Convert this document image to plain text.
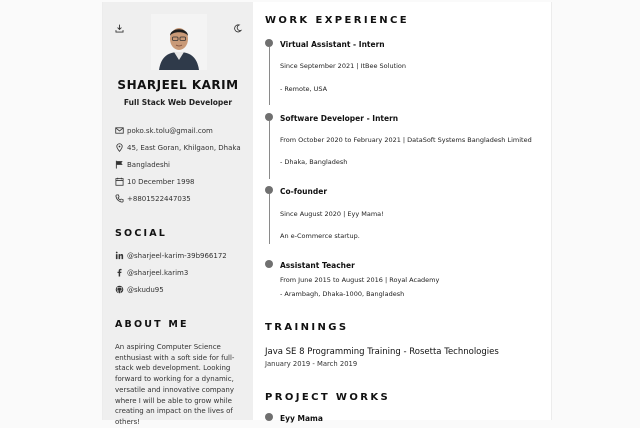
SHARJEEL KARIM
Full Stack Web Developer
poko.sk.tolu@gmail.com
45, East Goran, Khilgaon, Dhaka
Bangladeshi
10 December 1998
+8801522447035
SOCIAL
@sharjeel-karim-39b966172
@sharjeel.karim3
@skudu95
ABOUT ME
An aspiring Computer Science enthusiast with a soft side for full-stack web development. Looking forward to working for a dynamic, versatile and innovative company where I will be able to grow while creating an impact on the lives of others!
WORK EXPERIENCE
Virtual Assistant - Intern
Since September 2021 | ItBee Solution
- Remote, USA
Software Developer - Intern
From October 2020 to February 2021 | DataSoft Systems Bangladesh Limited
- Dhaka, Bangladesh
Co-founder
Since August 2020 | Eyy Mama!
An e-Commerce startup.
Assistant Teacher
From June 2015 to August 2016 | Royal Academy
- Arambagh, Dhaka-1000, Bangladesh
TRAININGS
Java SE 8 Programming Training - Rosetta Technologies
January 2019 - March 2019
PROJECT WORKS
Eyy Mama
